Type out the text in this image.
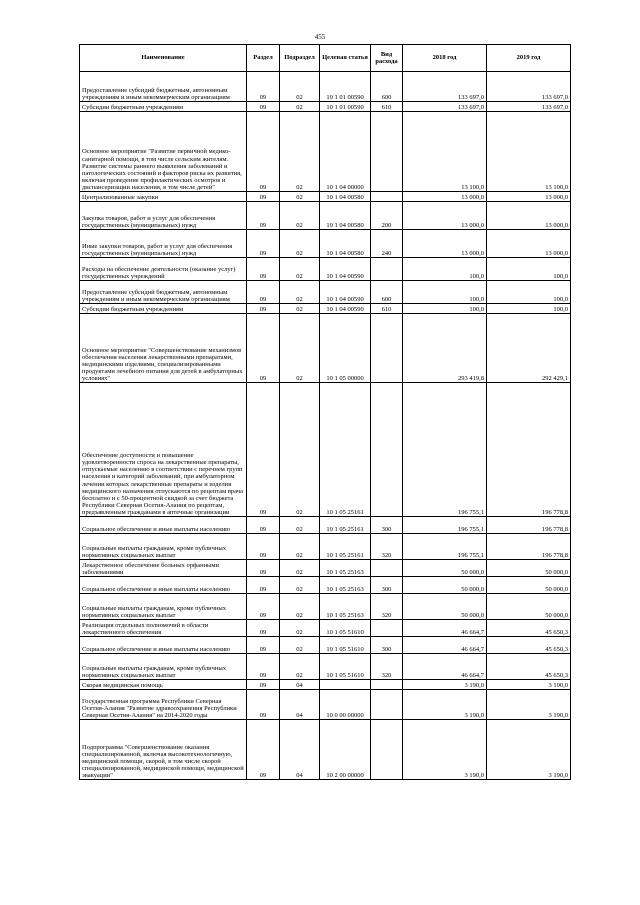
455
Наименование	Раздел	Подраздел	Целевая статья	Вид расхода	2018 год	2019 год
Предоставление субсидий бюджетным, автономным учреждениям и иным некоммерческим организациям	09	02	10 1 01 00590	600	133 697,0	133 697,0
Субсидии бюджетным учреждениям	09	02	10 1 01 00590	610	133 697,0	133 697,0
Основное мероприятие "Развитие первичной медико-санитарной помощи, в том числе сельским жителям. Развитие системы раннего выявления заболеваний и патологических состояний и факторов риска их развития, включая проведение профилактических осмотров и диспансеризации населения, в том числе детей"	09	02	10 1 04 00000		13 100,0	13 100,0
Централизованные закупки	09	02	10 1 04 00580		13 000,0	13 000,0
Закупка товаров, работ и услуг для обеспечения государственных (муниципальных) нужд	09	02	10 1 04 00580	200	13 000,0	13 000,0
Иные закупки товаров, работ и услуг для обеспечения государственных (муниципальных) нужд	09	02	10 1 04 00580	240	13 000,0	13 000,0
Расходы на обеспечение деятельности (оказание услуг) государственных учреждений	09	02	10 1 04 00590		100,0	100,0
Предоставление субсидий бюджетным, автономным учреждениям и иным некоммерческим организациям	09	02	10 1 04 00590	600	100,0	100,0
Субсидии бюджетным учреждениям	09	02	10 1 04 00590	610	100,0	100,0
Основное мероприятие "Совершенствование механизмов обеспечения населения лекарственными препаратами, медицинскими изделиями, специализированными продуктами лечебного питания для детей в амбулаторных условиях"	09	02	10 1 05 00000		293 419,8	292 429,1
Обеспечение доступности и повышение удовлетворенности спроса на лекарственные препараты, отпускаемые населению в соответствии с перечнем групп населения и категорий заболеваний, при амбулаторном лечении которых лекарственные препараты и изделия медицинского назначения отпускаются по рецептам врача бесплатно и с 50-процентной скидкой за счет бюджета Республики Северная Осетия-Алания по рецептам, предъявленным гражданами в аптечные организации	09	02	10 1 05 25161		196 755,1	196 778,8
Социальное обеспечение и иные выплаты населению	09	02	10 1 05 25161	300	196 755,1	196 778,8
Социальные выплаты гражданам, кроме публичных нормативных социальных выплат	09	02	10 1 05 25161	320	196 755,1	196 778,8
Лекарственное обеспечение больных орфанными заболеваниями	09	02	10 1 05 25163		50 000,0	50 000,0
Социальное обеспечение и иные выплаты населению	09	02	10 1 05 25163	300	50 000,0	50 000,0
Социальные выплаты гражданам, кроме публичных нормативных социальных выплат	09	02	10 1 05 25163	320	50 000,0	50 000,0
Реализация отдельных полномочий в области лекарственного обеспечения	09	02	10 1 05 51610		46 664,7	45 650,3
Социальное обеспечение и иные выплаты населению	09	02	10 1 05 51610	300	46 664,7	45 650,3
Социальные выплаты гражданам, кроме публичных нормативных социальных выплат	09	02	10 1 05 51610	320	46 664,7	45 650,3
Скорая медицинская помощь	09	04			3 190,0	3 190,0
Государственная программа Республики Северная Осетия-Алания "Развитие здравоохранения Республики Северная Осетия-Алания" на 2014-2020 годы	09	04	10 0 00 00000		3 190,0	3 190,0
Подпрограмма "Совершенствование оказания специализированной, включая высокотехнологичную, медицинской помощи, скорой, в том числе скорой специализированной, медицинской помощи, медицинской эвакуации"	09	04	10 2 00 00000		3 190,0	3 190,0
